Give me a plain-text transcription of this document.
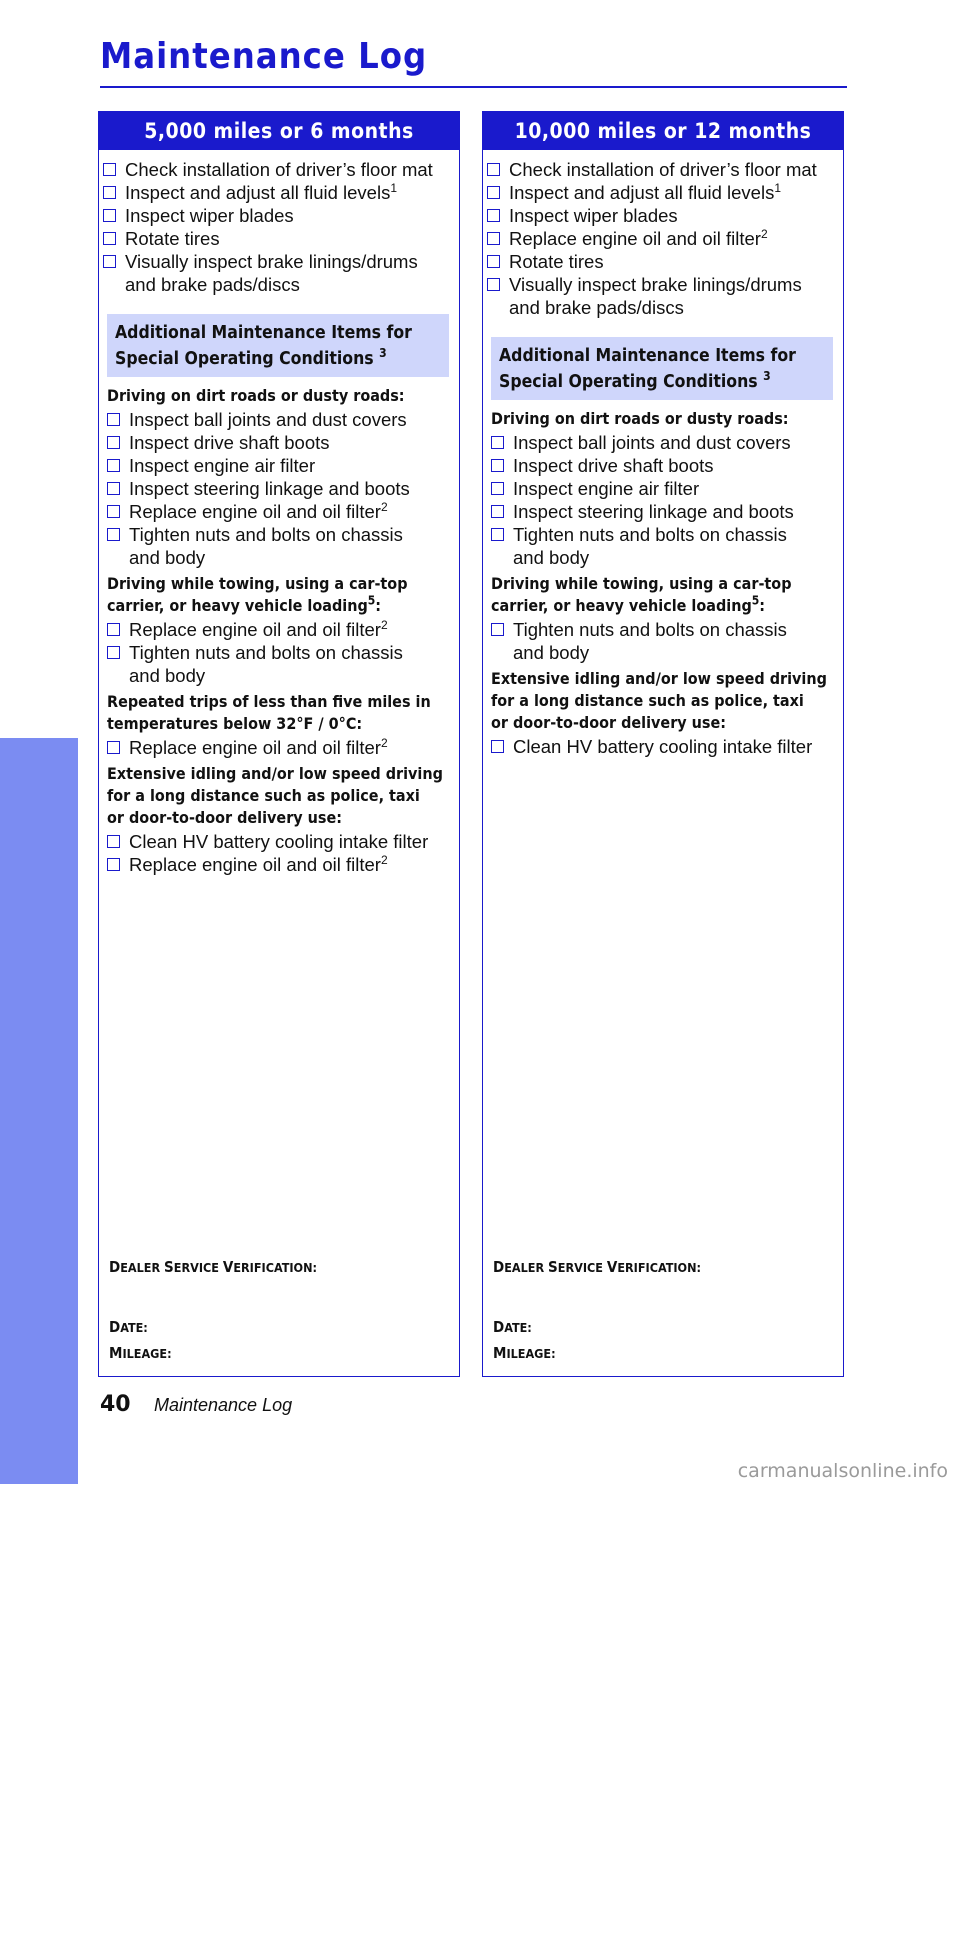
Maintenance Log
MAINTENANCE
5,000 miles or 6 months
Check installation of driver’s floor mat
Inspect and adjust all fluid levels$^1$
Inspect wiper blades
Rotate tires
Visually inspect brake linings/drums
and brake pads/discs
Additional Maintenance Items for
Special Operating Conditions $^3$
Driving on dirt roads or dusty roads:
Inspect ball joints and dust covers
Inspect drive shaft boots
Inspect engine air filter
Inspect steering linkage and boots
Replace engine oil and oil filter$^2$
Tighten nuts and bolts on chassis
and body
Driving while towing, using a car-top
carrier, or heavy vehicle loading$^5$:
Replace engine oil and oil filter$^2$
Tighten nuts and bolts on chassis
and body
Repeated trips of less than five miles in
temperatures below 32°F / 0°C:
Replace engine oil and oil filter$^2$
Extensive idling and/or low speed driving
for a long distance such as police, taxi
or door-to-door delivery use:
Clean HV battery cooling intake filter
Replace engine oil and oil filter$^2$
DEALER SERVICE VERIFICATION:
DATE:
MILEAGE:
10,000 miles or 12 months
Check installation of driver’s floor mat
Inspect and adjust all fluid levels$^1$
Inspect wiper blades
Replace engine oil and oil filter$^2$
Rotate tires
Visually inspect brake linings/drums
and brake pads/discs
Additional Maintenance Items for
Special Operating Conditions $^3$
Driving on dirt roads or dusty roads:
Inspect ball joints and dust covers
Inspect drive shaft boots
Inspect engine air filter
Inspect steering linkage and boots
Tighten nuts and bolts on chassis
and body
Driving while towing, using a car-top
carrier, or heavy vehicle loading$^5$:
Tighten nuts and bolts on chassis
and body
Extensive idling and/or low speed driving
for a long distance such as police, taxi
or door-to-door delivery use:
Clean HV battery cooling intake filter
DEALER SERVICE VERIFICATION:
DATE:
MILEAGE:
40 Maintenance Log
carmanualsonline.info
